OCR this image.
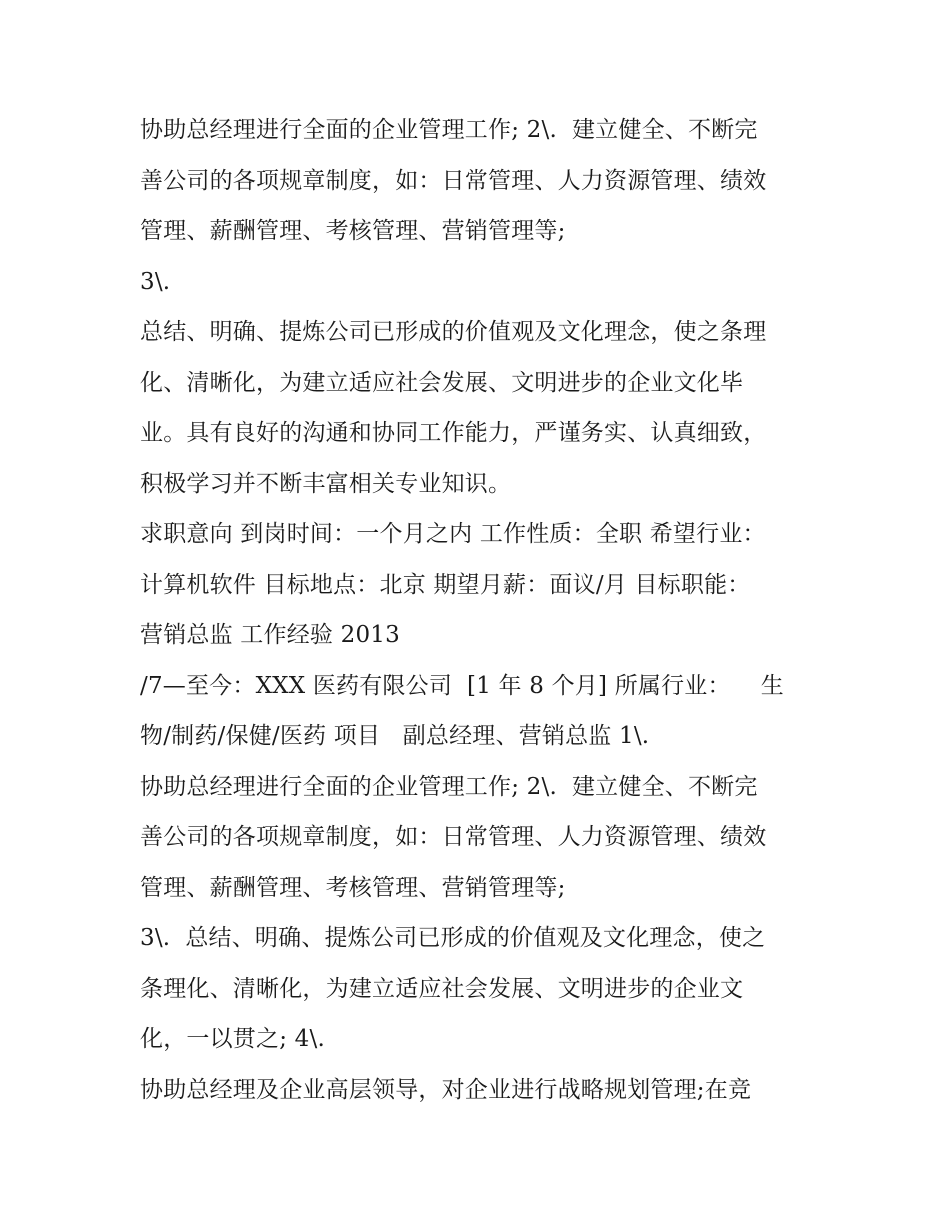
协助总经理进行全面的企业管理工作; 2\.  建立健全、不断完
善公司的各项规章制度，如：日常管理、人力资源管理、绩效
管理、薪酬管理、考核管理、营销管理等;
3\.
总结、明确、提炼公司已形成的价值观及文化理念，使之条理
化、清晰化，为建立适应社会发展、文明进步的企业文化毕
业。具有良好的沟通和协同工作能力，严谨务实、认真细致，
积极学习并不断丰富相关专业知识。
求职意向 到岗时间：一个月之内 工作性质：全职 希望行业：
计算机软件 目标地点：北京 期望月薪：面议/月 目标职能：
营销总监 工作经验 2013
/7—至今：XXX 医药有限公司  [1 年 8 个月] 所属行业：    生
物/制药/保健/医药 项目   副总经理、营销总监 1\.
协助总经理进行全面的企业管理工作; 2\.  建立健全、不断完
善公司的各项规章制度，如：日常管理、人力资源管理、绩效
管理、薪酬管理、考核管理、营销管理等;
3\.  总结、明确、提炼公司已形成的价值观及文化理念，使之
条理化、清晰化，为建立适应社会发展、文明进步的企业文
化，一以贯之; 4\.
协助总经理及企业高层领导，对企业进行战略规划管理;在竞
